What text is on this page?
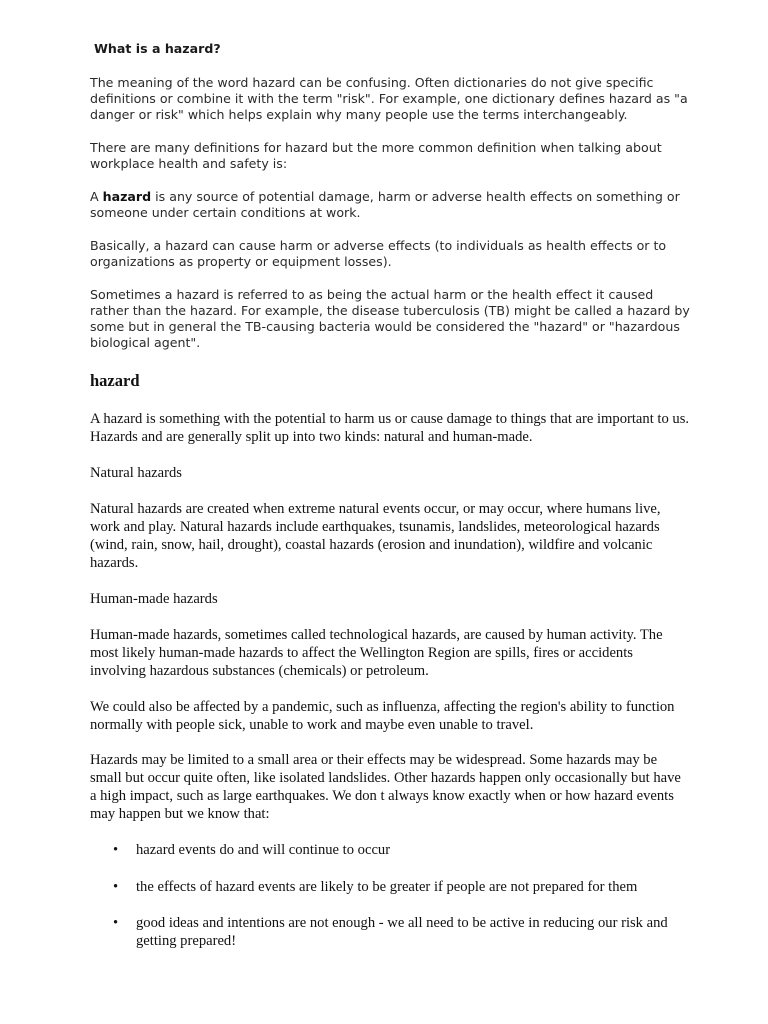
What is a hazard?

The meaning of the word hazard can be confusing. Often dictionaries do not give specific definitions or combine it with the term "risk". For example, one dictionary defines hazard as "a danger or risk" which helps explain why many people use the terms interchangeably.

There are many definitions for hazard but the more common definition when talking about workplace health and safety is:

A hazard is any source of potential damage, harm or adverse health effects on something or someone under certain conditions at work.

Basically, a hazard can cause harm or adverse effects (to individuals as health effects or to organizations as property or equipment losses).

Sometimes a hazard is referred to as being the actual harm or the health effect it caused rather than the hazard. For example, the disease tuberculosis (TB) might be called a hazard by some but in general the TB-causing bacteria would be considered the "hazard" or "hazardous biological agent".

hazard

A hazard is something with the potential to harm us or cause damage to things that are important to us. Hazards and are generally split up into two kinds: natural and human-made.

Natural hazards

Natural hazards are created when extreme natural events occur, or may occur, where humans live, work and play. Natural hazards include earthquakes, tsunamis, landslides, meteorological hazards (wind, rain, snow, hail, drought), coastal hazards (erosion and inundation), wildfire and volcanic hazards.

Human-made hazards

Human-made hazards, sometimes called technological hazards, are caused by human activity. The most likely human-made hazards to affect the Wellington Region are spills, fires or accidents involving hazardous substances (chemicals) or petroleum.

We could also be affected by a pandemic, such as influenza, affecting the region's ability to function normally with people sick, unable to work and maybe even unable to travel.

Hazards may be limited to a small area or their effects may be widespread. Some hazards may be small but occur quite often, like isolated landslides. Other hazards happen only occasionally but have a high impact, such as large earthquakes. We don t always know exactly when or how hazard events may happen but we know that:

• hazard events do and will continue to occur
• the effects of hazard events are likely to be greater if people are not prepared for them
• good ideas and intentions are not enough - we all need to be active in reducing our risk and getting prepared!
